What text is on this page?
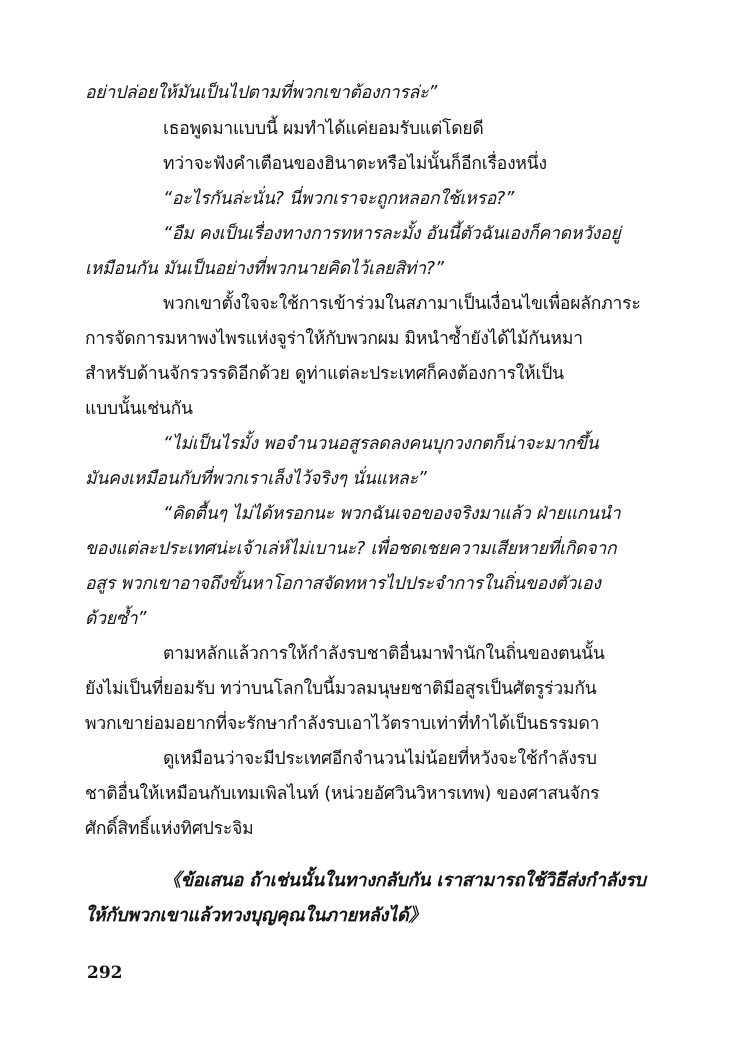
อย่าปล่อยให้มันเป็นไปตามที่พวกเขาต้องการล่ะ”

เธอพูดมาแบบนี้ ผมทำได้แค่ยอมรับแต่โดยดี

ทว่าจะฟังคำเตือนของฮินาตะหรือไม่นั้นก็อีกเรื่องหนึ่ง

“อะไรกันล่ะนั่น? นี่พวกเราจะถูกหลอกใช้เหรอ?”

“อืม คงเป็นเรื่องทางการทหารละมั้ง อันนี้ตัวฉันเองก็คาดหวังอยู่

เหมือนกัน มันเป็นอย่างที่พวกนายคิดไว้เลยสิท่า?”

พวกเขาตั้งใจจะใช้การเข้าร่วมในสภามาเป็นเงื่อนไขเพื่อผลักภาระ

การจัดการมหาพงไพรแห่งจูร่าให้กับพวกผม มิหนำซ้ำยังได้ไม้กันหมา

สำหรับด้านจักรวรรดิอีกด้วย ดูท่าแต่ละประเทศก็คงต้องการให้เป็น

แบบนั้นเช่นกัน

“ไม่เป็นไรมั้ง พอจำนวนอสูรลดลงคนบุกวงกตก็น่าจะมากขึ้น

มันคงเหมือนกับที่พวกเราเล็งไว้จริงๆ นั่นแหละ”

“คิดตื้นๆ ไม่ได้หรอกนะ พวกฉันเจอของจริงมาแล้ว ฝ่ายแกนนำ

ของแต่ละประเทศน่ะเจ้าเล่ห์ไม่เบานะ? เพื่อชดเชยความเสียหายที่เกิดจาก

อสูร พวกเขาอาจถึงขั้นหาโอกาสจัดทหารไปประจำการในถิ่นของตัวเอง

ด้วยซ้ำ”

ตามหลักแล้วการให้กำลังรบชาติอื่นมาพำนักในถิ่นของตนนั้น

ยังไม่เป็นที่ยอมรับ ทว่าบนโลกใบนี้มวลมนุษยชาติมีอสูรเป็นศัตรูร่วมกัน

พวกเขาย่อมอยากที่จะรักษากำลังรบเอาไว้ตราบเท่าที่ทำได้เป็นธรรมดา

ดูเหมือนว่าจะมีประเทศอีกจำนวนไม่น้อยที่หวังจะใช้กำลังรบ

ชาติอื่นให้เหมือนกับเทมเพิลไนท์ (หน่วยอัศวินวิหารเทพ) ของศาสนจักร

ศักดิ์สิทธิ์แห่งทิศประจิม

《ข้อเสนอ ถ้าเช่นนั้นในทางกลับกัน เราสามารถใช้วิธีส่งกำลังรบ

ให้กับพวกเขาแล้วทวงบุญคุณในภายหลังได้》

292
